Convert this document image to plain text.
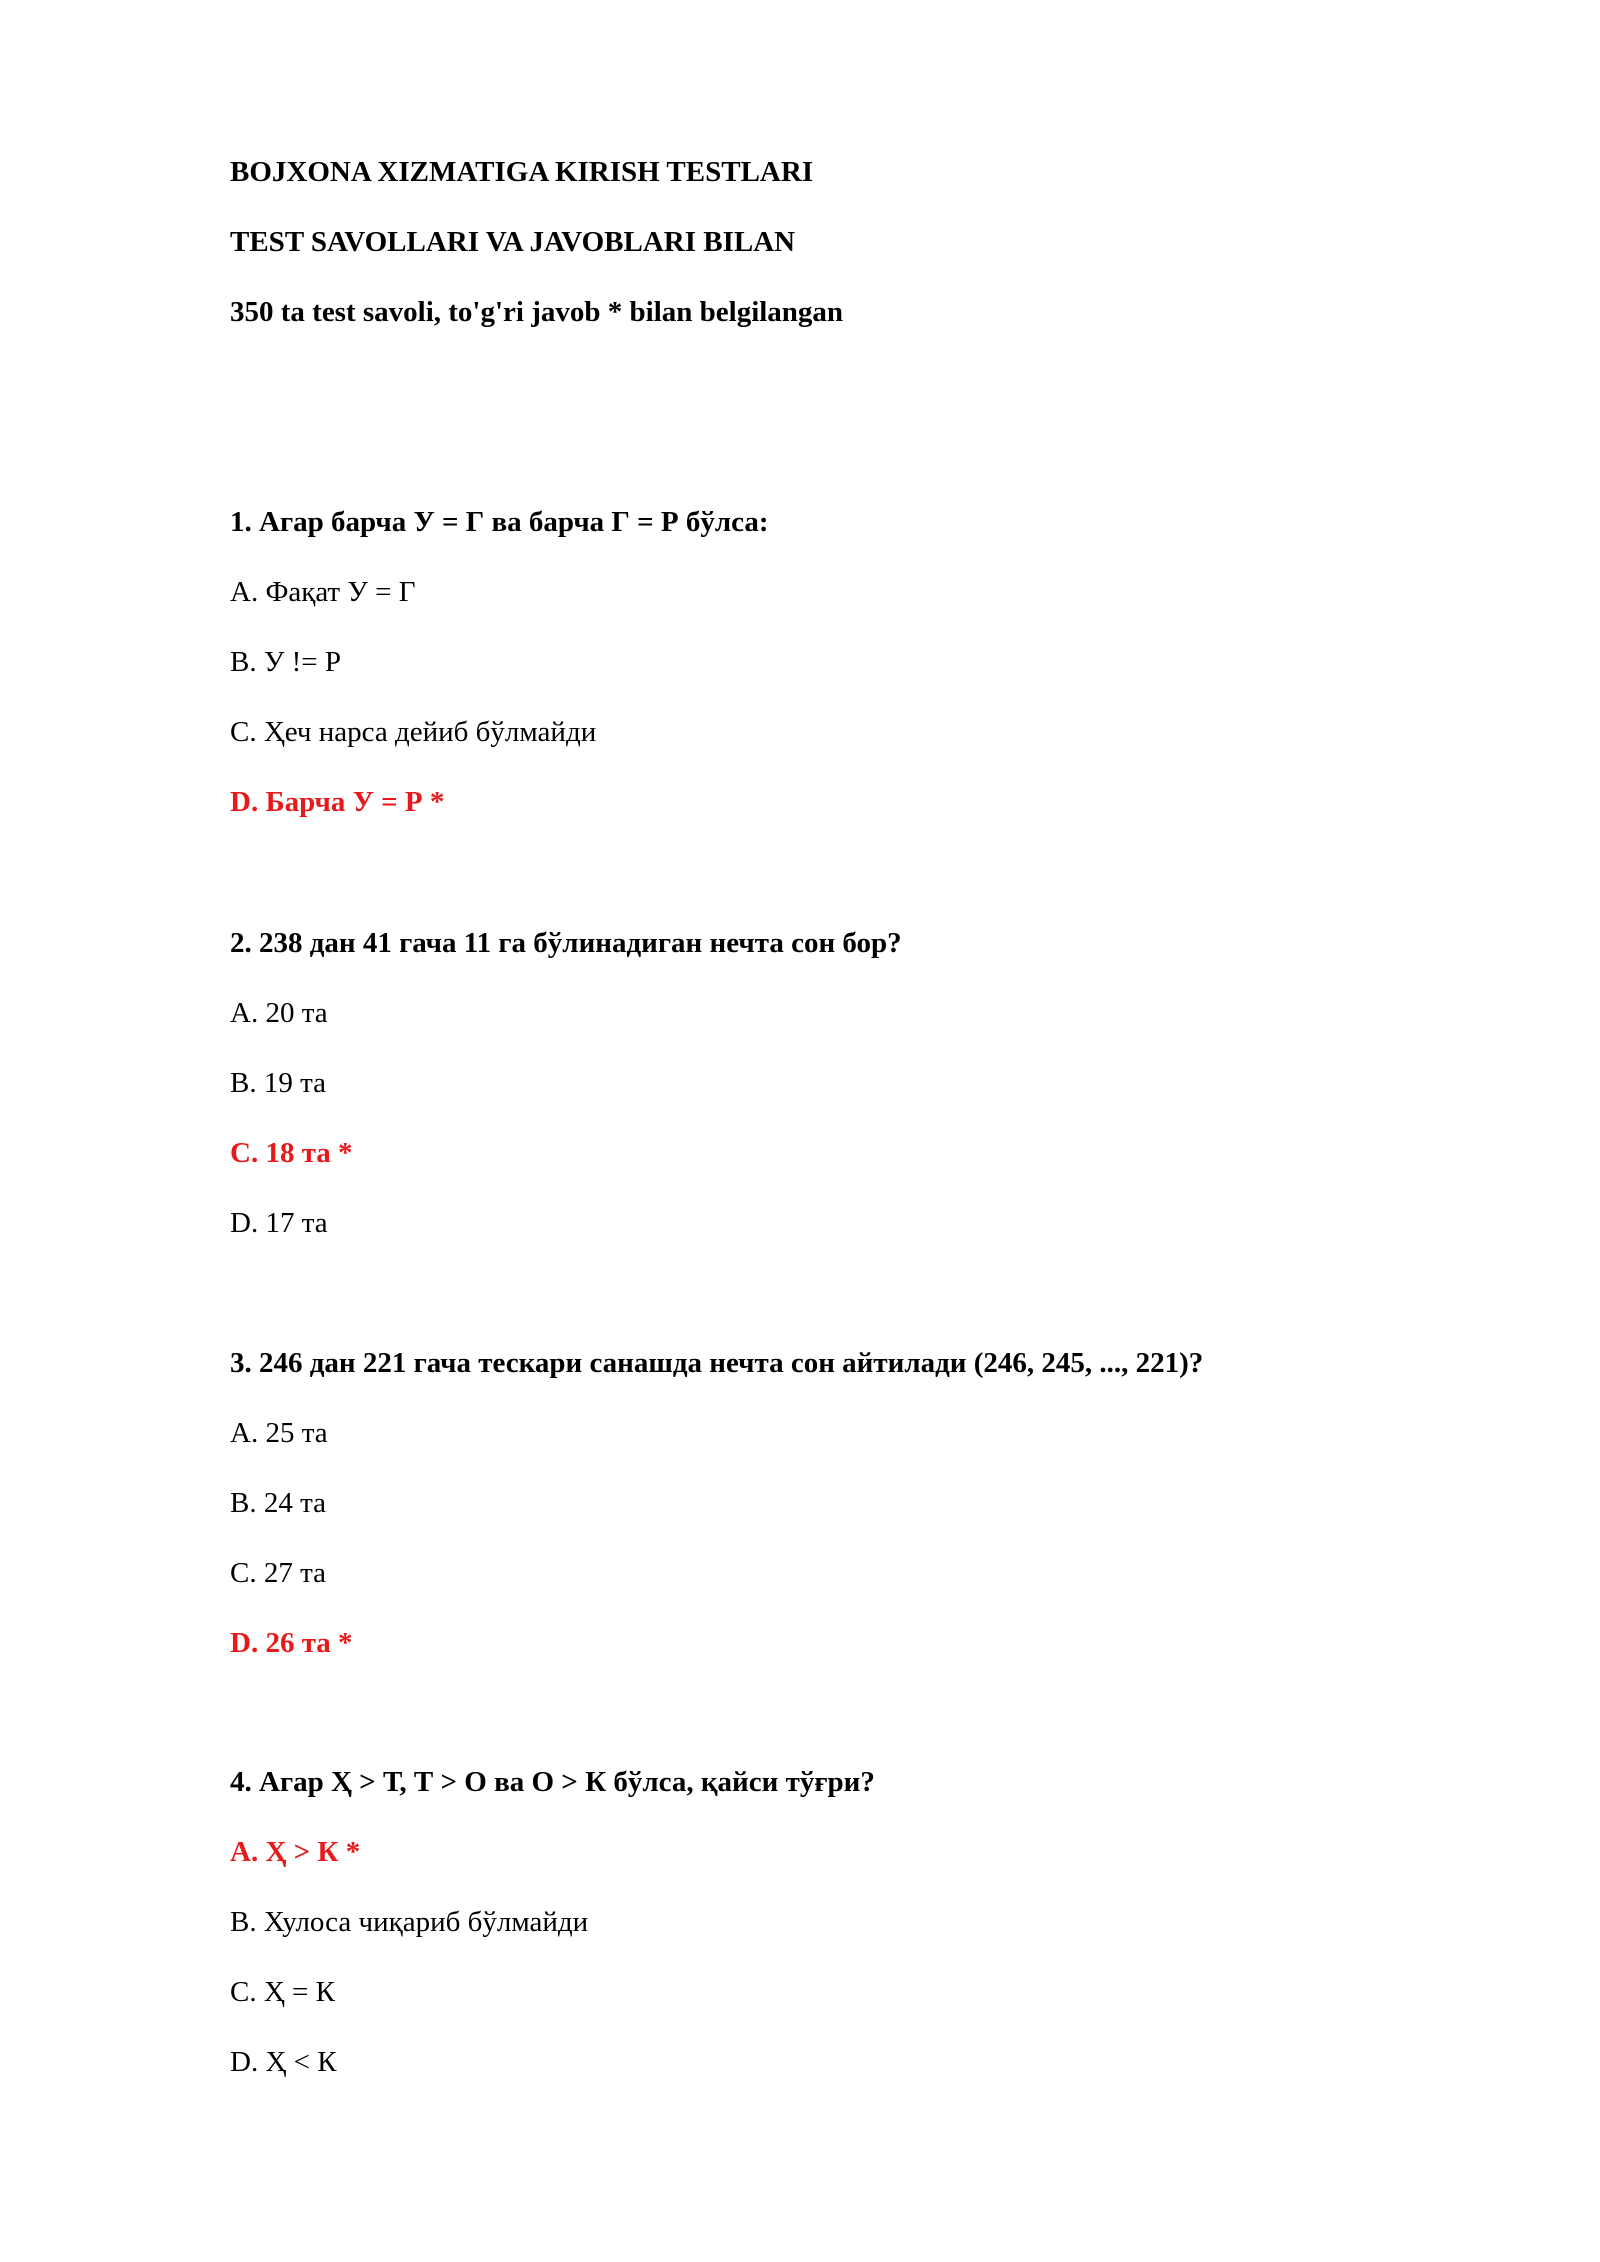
BOJXONA XIZMATIGA KIRISH TESTLARI
TEST SAVOLLARI VA JAVOBLARI BILAN
350 ta test savoli, to'g'ri javob * bilan belgilangan
1. Агар барча У = Г ва барча Г = Р бўлса:
A. Фақат У = Г
B. У != Р
C. Ҳеч нарса дейиб бўлмайди
D. Барча У = Р *
2. 238 дан 41 гача 11 га бўлинадиган нечта сон бор?
A. 20 та
B. 19 та
C. 18 та *
D. 17 та
3. 246 дан 221 гача тескари санашда нечта сон айтилади (246, 245, ..., 221)?
A. 25 та
B. 24 та
C. 27 та
D. 26 та *
4. Агар Ҳ > Т, Т > О ва О > К бўлса, қайси тўғри?
A. Ҳ > К *
B. Хулоса чиқариб бўлмайди
C. Ҳ = К
D. Ҳ < К
